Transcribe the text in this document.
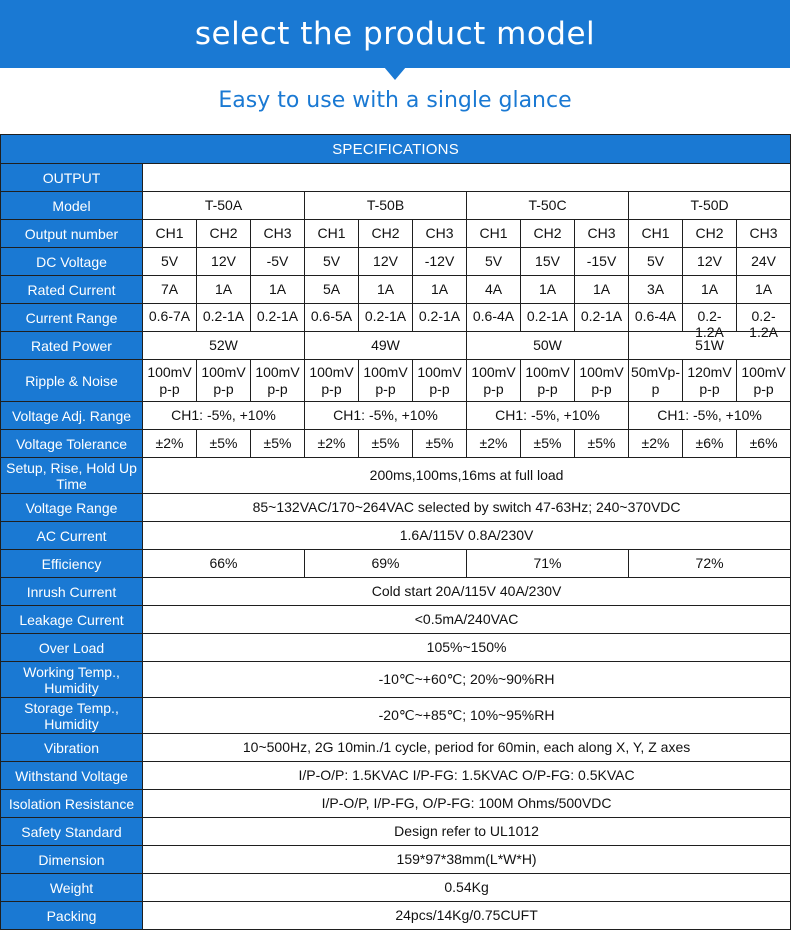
select the product model
Easy to use with a single glance
SPECIFICATIONS												
OUTPUT												
Model	T-50A			T-50B			T-50C			T-50D		
Output number	CH1	CH2	CH3	CH1	CH2	CH3	CH1	CH2	CH3	CH1	CH2	CH3
DC Voltage	5V	12V	-5V	5V	12V	-12V	5V	15V	-15V	5V	12V	24V
Rated Current	7A	1A	1A	5A	1A	1A	4A	1A	1A	3A	1A	1A
Current Range	0.6-7A	0.2-1A	0.2-1A	0.6-5A	0.2-1A	0.2-1A	0.6-4A	0.2-1A	0.2-1A	0.6-4A	0.2-1.2A	0.2-1.2A

Rated Power	52W			49W			50W			51W		
Ripple & Noise	100mV p-p	100mV p-p	100mV p-p	100mV p-p	100mV p-p	100mV p-p	100mV p-p	100mV p-p	100mV p-p	50mVp-p	120mV p-p	100mV p-p
Voltage Adj. Range	CH1: -5%, +10%			CH1: -5%, +10%			CH1: -5%, +10%			CH1: -5%, +10%		
Voltage Tolerance	±2%	±5%	±5%	±2%	±5%	±5%	±2%	±5%	±5%	±2%	±6%	±6%
Setup, Rise, Hold Up Time	200ms,100ms,16ms at full load											
Voltage Range	85~132VAC/170~264VAC selected by switch 47-63Hz; 240~370VDC											
AC Current	1.6A/115V 0.8A/230V											
Efficiency	66%			69%			71%			72%		
Inrush Current	Cold start 20A/115V 40A/230V											
Leakage Current	<0.5mA/240VAC											
Over Load	105%~150%											
Working Temp., Humidity	-10℃~+60℃; 20%~90%RH											
Storage Temp., Humidity	-20℃~+85℃; 10%~95%RH											
Vibration	10~500Hz, 2G 10min./1 cycle, period for 60min, each along X, Y, Z axes											
Withstand Voltage	I/P-O/P: 1.5KVAC I/P-FG: 1.5KVAC O/P-FG: 0.5KVAC											
Isolation Resistance	I/P-O/P, I/P-FG, O/P-FG: 100M Ohms/500VDC											
Safety Standard	Design refer to UL1012											
Dimension	159*97*38mm(L*W*H)											
Weight	0.54Kg											
Packing	24pcs/14Kg/0.75CUFT											
